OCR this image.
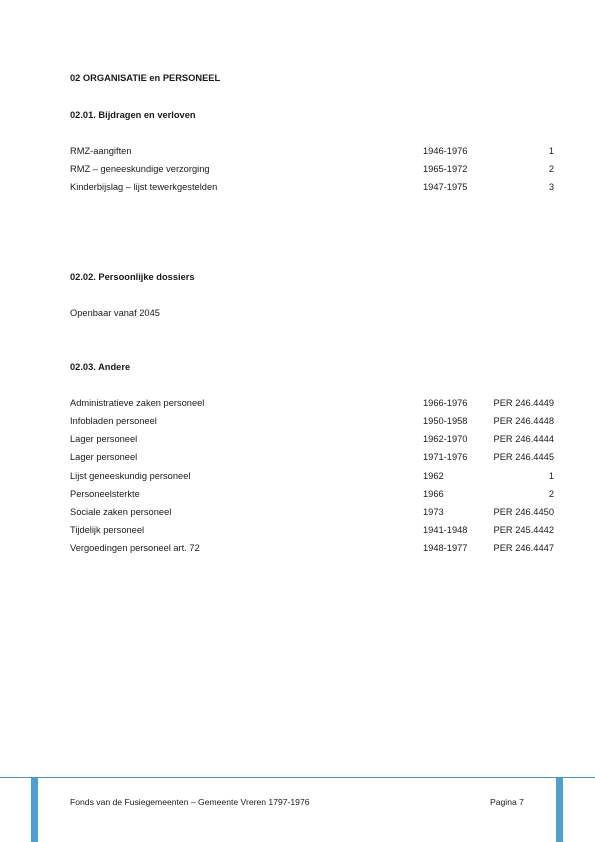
02 ORGANISATIE en PERSONEEL
02.01. Bijdragen en verloven
RMZ-aangiften	1946-1976	1
RMZ – geneeskundige verzorging	1965-1972	2
Kinderbijslag – lijst tewerkgestelden	1947-1975	3
02.02. Persoonlijke dossiers
Openbaar vanaf 2045
02.03. Andere
Administratieve zaken personeel	1966-1976	PER 246.4449
Infobladen personeel	1950-1958	PER 246.4448
Lager personeel	1962-1970	PER 246.4444
Lager personeel	1971-1976	PER 246.4445
Lijst geneeskundig personeel	1962	1
Personeelsterkte	1966	2
Sociale zaken personeel	1973	PER 246.4450
Tijdelijk personeel	1941-1948	PER 245.4442
Vergoedingen personeel art. 72	1948-1977	PER 246.4447
Fonds van de Fusiegemeenten – Gemeente Vreren 1797-1976	Pagina 7
